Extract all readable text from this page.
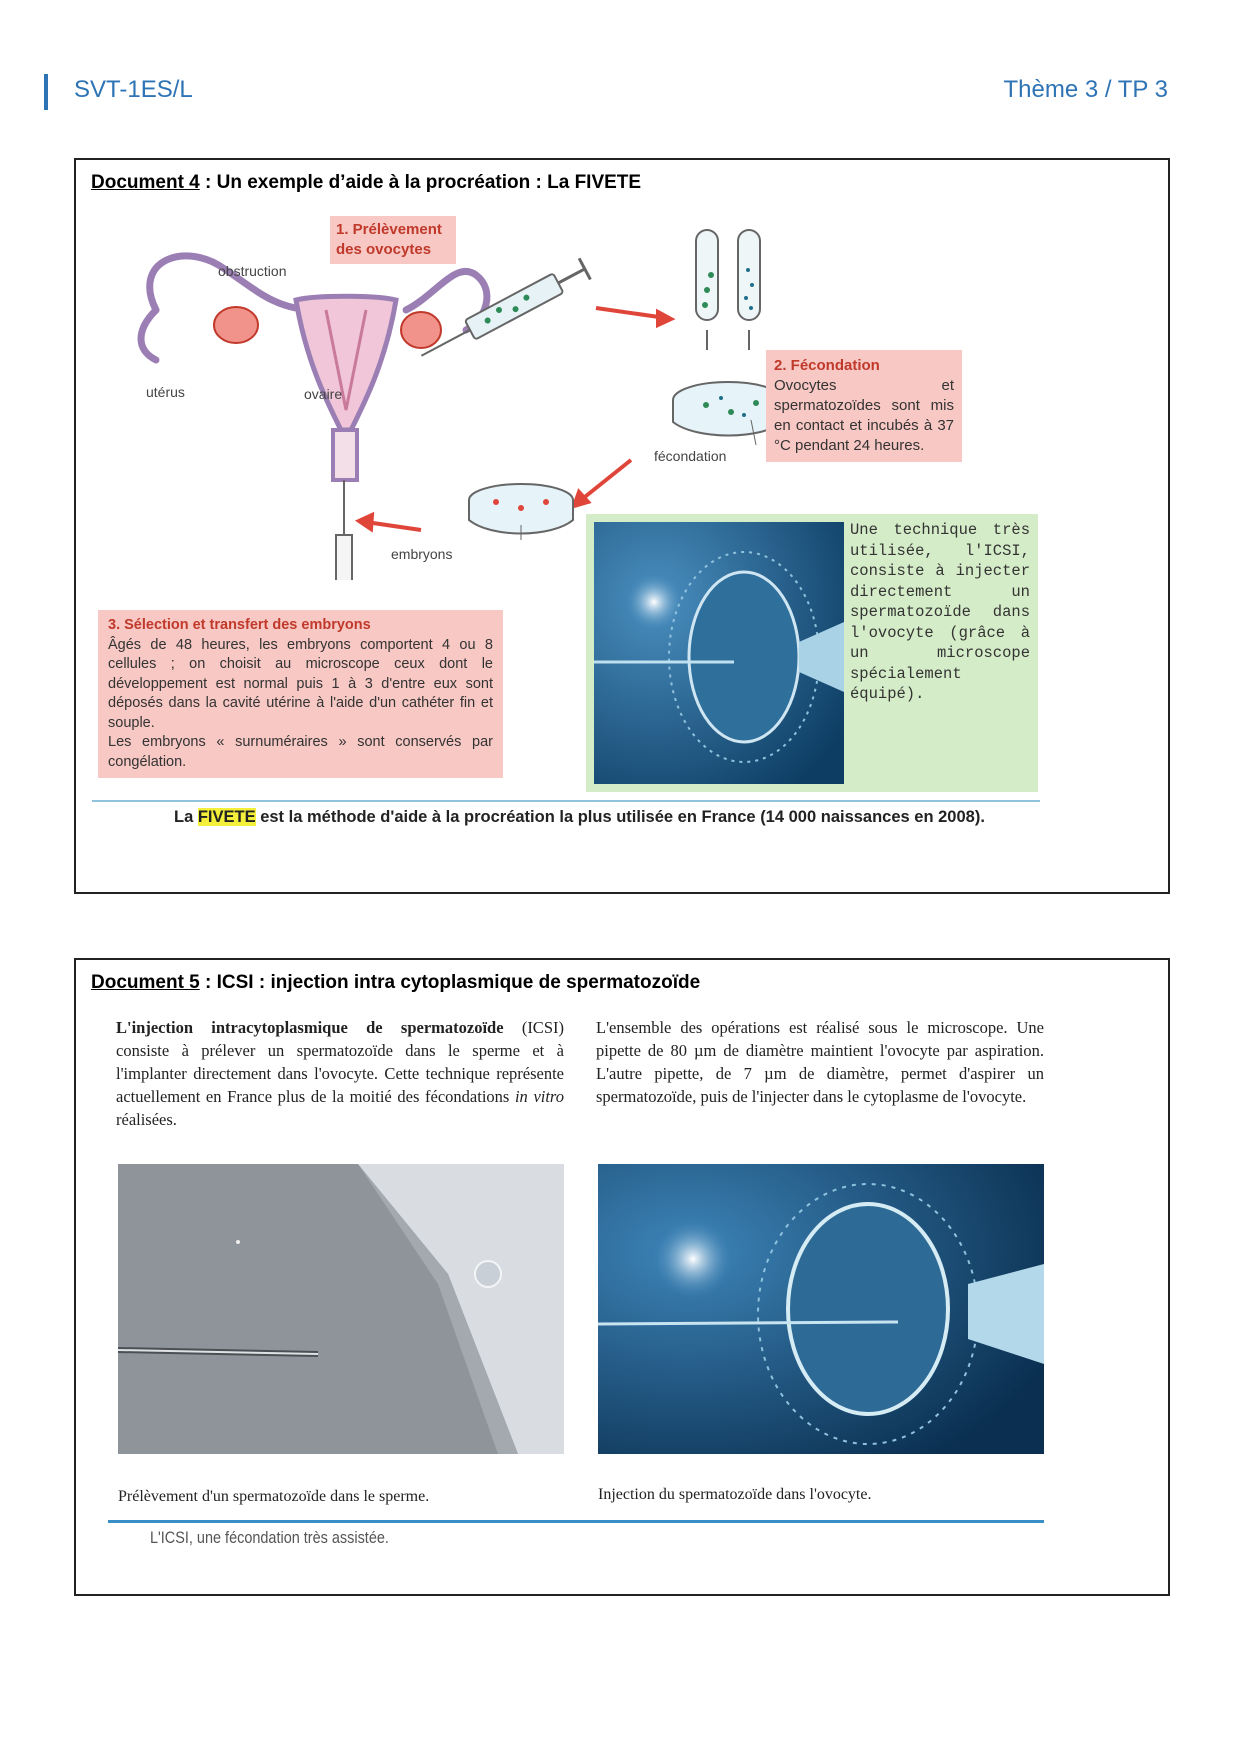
SVT-1ES/L	Thème 3 / TP 3
Document 4 : Un exemple d’aide à la procréation : La FIVETE
obstruction
utérus	ovaire
fécondation
embryons
1. Prélèvement des ovocytes
2. Fécondation
Ovocytes et spermatozoïdes sont mis en contact et incubés à 37 °C pendant 24 heures.
3. Sélection et transfert des embryons
Âgés de 48 heures, les embryons comportent 4 ou 8 cellules ; on choisit au microscope ceux dont le développement est normal puis 1 à 3 d'entre eux sont déposés dans la cavité utérine à l'aide d'un cathéter fin et souple.
Les embryons « surnuméraires » sont conservés par congélation.
Une technique très utilisée, l'ICSI, consiste à injecter directement un spermatozoïde dans l'ovocyte (grâce à un microscope spécialement équipé).
La FIVETE est la méthode d'aide à la procréation la plus utilisée en France (14 000 naissances en 2008).
Document 5 : ICSI : injection intra cytoplasmique de spermatozoïde
L'injection intracytoplasmique de spermatozoïde (ICSI) consiste à prélever un spermatozoïde dans le sperme et à l'implanter directement dans l'ovocyte. Cette technique représente actuellement en France plus de la moitié des fécondations in vitro réalisées.
L'ensemble des opérations est réalisé sous le microscope. Une pipette de 80 µm de diamètre maintient l'ovocyte par aspiration. L'autre pipette, de 7 µm de diamètre, permet d'aspirer un spermatozoïde, puis de l'injecter dans le cytoplasme de l'ovocyte.
Prélèvement d'un spermatozoïde dans le sperme.	Injection du spermatozoïde dans l'ovocyte.
L'ICSI, une fécondation très assistée.
